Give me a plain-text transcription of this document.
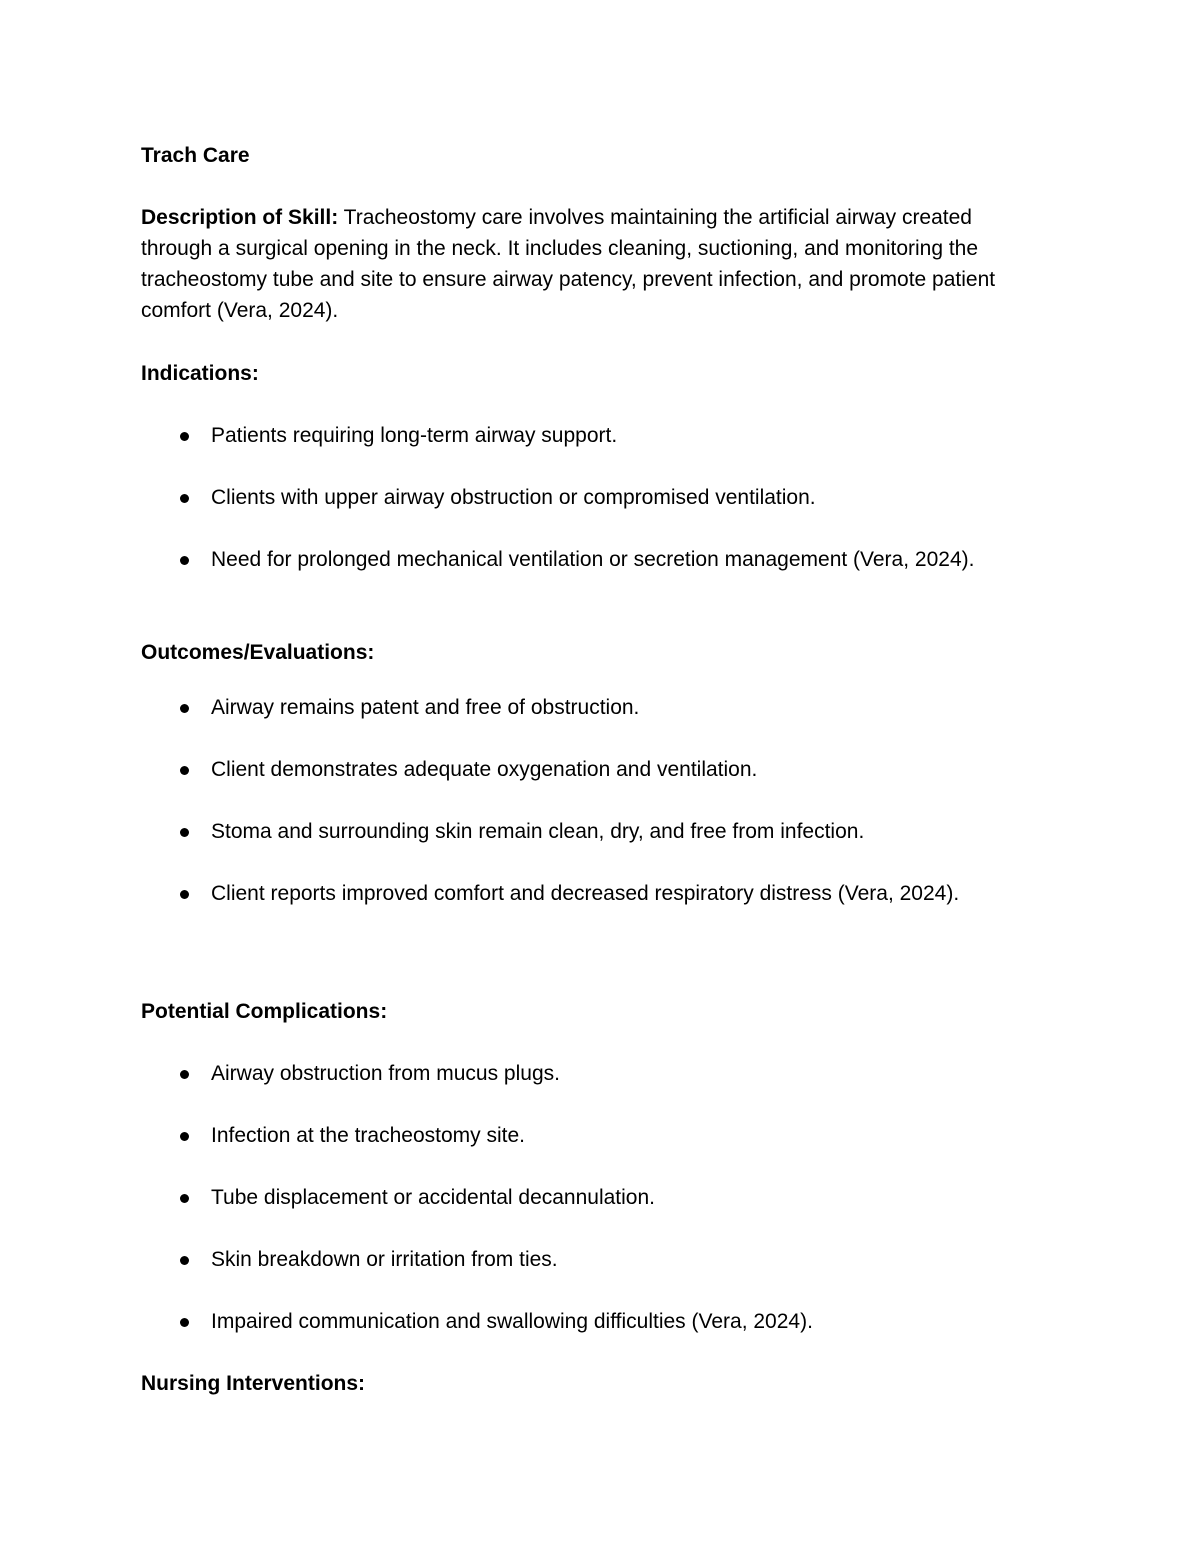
Trach Care
Description of Skill: Tracheostomy care involves maintaining the artificial airway created through a surgical opening in the neck. It includes cleaning, suctioning, and monitoring the tracheostomy tube and site to ensure airway patency, prevent infection, and promote patient comfort (Vera, 2024).
Indications:
Patients requiring long-term airway support.
Clients with upper airway obstruction or compromised ventilation.
Need for prolonged mechanical ventilation or secretion management (Vera, 2024).
Outcomes/Evaluations:
Airway remains patent and free of obstruction.
Client demonstrates adequate oxygenation and ventilation.
Stoma and surrounding skin remain clean, dry, and free from infection.
Client reports improved comfort and decreased respiratory distress (Vera, 2024).
Potential Complications:
Airway obstruction from mucus plugs.
Infection at the tracheostomy site.
Tube displacement or accidental decannulation.
Skin breakdown or irritation from ties.
Impaired communication and swallowing difficulties (Vera, 2024).
Nursing Interventions:
